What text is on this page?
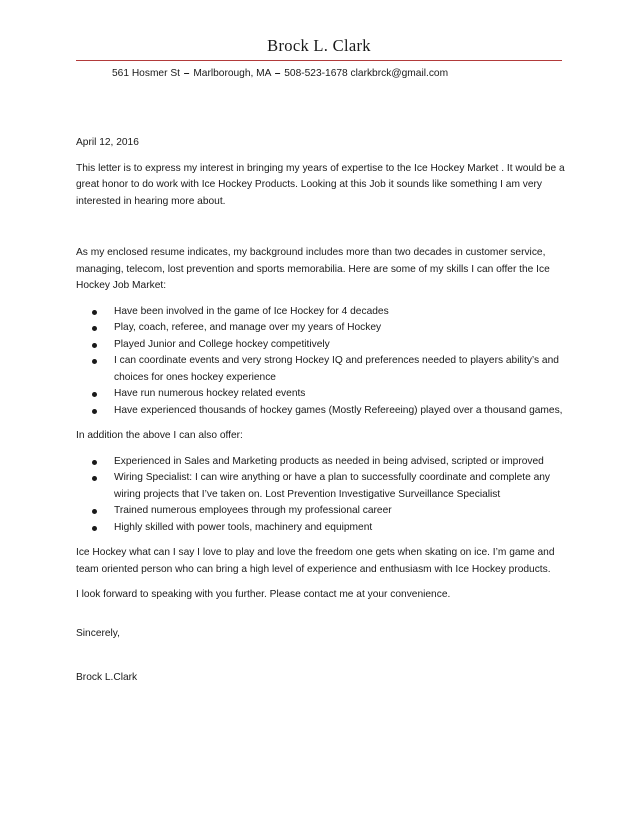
Brock L. Clark
561 Hosmer St – Marlborough, MA – 508-523-1678 clarkbrck@gmail.com

April 12, 2016

This letter is to express my interest in bringing my years of expertise to the Ice Hockey Market . It would be a great honor to do work with Ice Hockey Products. Looking at this Job it sounds like something I am very interested in hearing more about.

As my enclosed resume indicates, my background includes more than two decades in customer service, managing, telecom, lost prevention and sports memorabilia. Here are some of my skills I can offer the Ice Hockey Job Market:

Have been involved in the game of Ice Hockey for 4 decades
Play, coach, referee, and manage over my years of Hockey
Played Junior and College hockey competitively
I can coordinate events and very strong Hockey IQ and preferences needed to players ability’s and choices for ones hockey experience
Have run numerous hockey related events
Have experienced thousands of hockey games (Mostly Refereeing) played over a thousand games,

In addition the above I can also offer:

Experienced in Sales and Marketing products as needed in being advised, scripted or improved
Wiring Specialist: I can wire anything or have a plan to successfully coordinate and complete any wiring projects that I’ve taken on. Lost Prevention Investigative Surveillance Specialist
Trained numerous employees through my professional career
Highly skilled with power tools, machinery and equipment

Ice Hockey what can I say I love to play and love the freedom one gets when skating on ice. I’m game and team oriented person who can bring a high level of experience and enthusiasm with Ice Hockey products.

I look forward to speaking with you further. Please contact me at your convenience.

Sincerely,

Brock L.Clark
